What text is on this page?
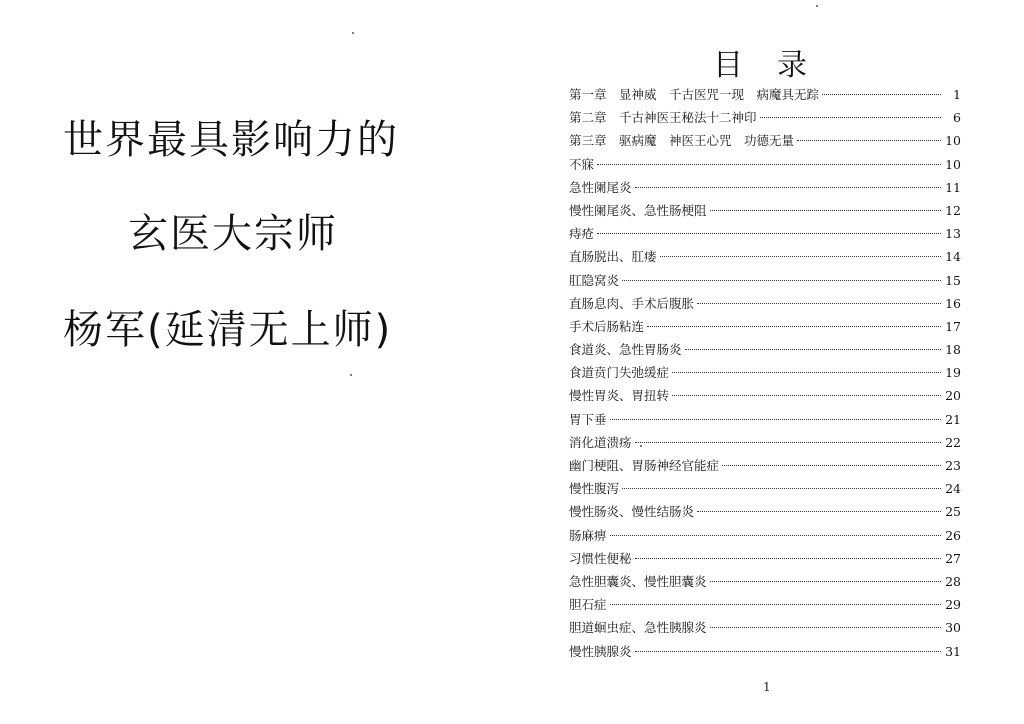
世界最具影响力的
玄医大宗师
杨军(延清无上师)
目录
第一章　显神威　千古医咒一现　病魔具无踪	1
第二章　千古神医王秘法十二神印	6
第三章　驱病魔　神医王心咒　功德无量	10
不寐	10
急性阑尾炎	11
慢性阑尾炎、急性肠梗阻	12
痔疮	13
直肠脱出、肛瘘	14
肛隐窝炎	15
直肠息肉、手术后腹胀	16
手术后肠粘连	17
食道炎、急性胃肠炎	18
食道贲门失弛缓症	19
慢性胃炎、胃扭转	20
胃下垂	21
消化道溃疡	22
幽门梗阻、胃肠神经官能症	23
慢性腹泻	24
慢性肠炎、慢性结肠炎	25
肠麻痹	26
习惯性便秘	27
急性胆囊炎、慢性胆囊炎	28
胆石症	29
胆道蛔虫症、急性胰腺炎	30
慢性胰腺炎	31
1
